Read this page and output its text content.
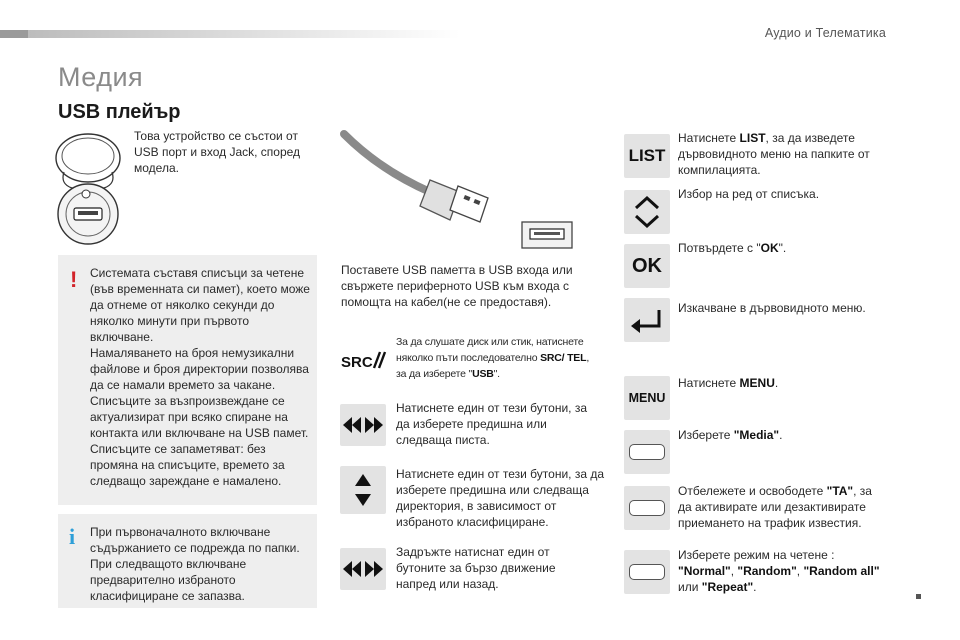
Аудио и Телематика
Медия
USB плейър
Това устройство се състои от USB порт и вход Jack, според модела.
! Системата съставя списъци за четене (във временната си памет), което може да отнеме от няколко секунди до няколко минути при първото включване.
Намаляването на броя немузикални файлове и броя директории позволява да се намали времето за чакане.
Списъците за възпроизвеждане се актуализират при всяко спиране на контакта или включване на USB памет.
Списъците се запаметяват: без промяна на списъците, времето за следващо зареждане е намалено.
i При първоначалното включване съдържанието се подрежда по папки. При следващото включване предварително избраното класифициране се запазва.
Поставете USB паметта в USB входа или свържете периферното USB към входа с помощта на кабел(не се предоставя).
SRC
За да слушате диск или стик, натиснете няколко пъти последователно SRC/ TEL, за да изберете "USB".
Натиснете един от тези бутони, за да изберете предишна или следваща писта.
Натиснете един от тези бутони, за да изберете предишна или следваща директория, в зависимост от избраното класифициране.
Задръжте натиснат един от бутоните за бързо движение напред или назад.
LIST
Натиснете LIST, за да изведете дървовидното меню на папките от компилацията.
Избор на ред от списъка.
OK
Потвърдете с "OK".
Изкачване в дървовидното меню.
MENU
Натиснете MENU.
Изберете "Media".
Отбележете и освободете "TA", за да активирате или дезактивирате приемането на трафик известия.
Изберете режим на четене : "Normal", "Random", "Random all" или "Repeat".
